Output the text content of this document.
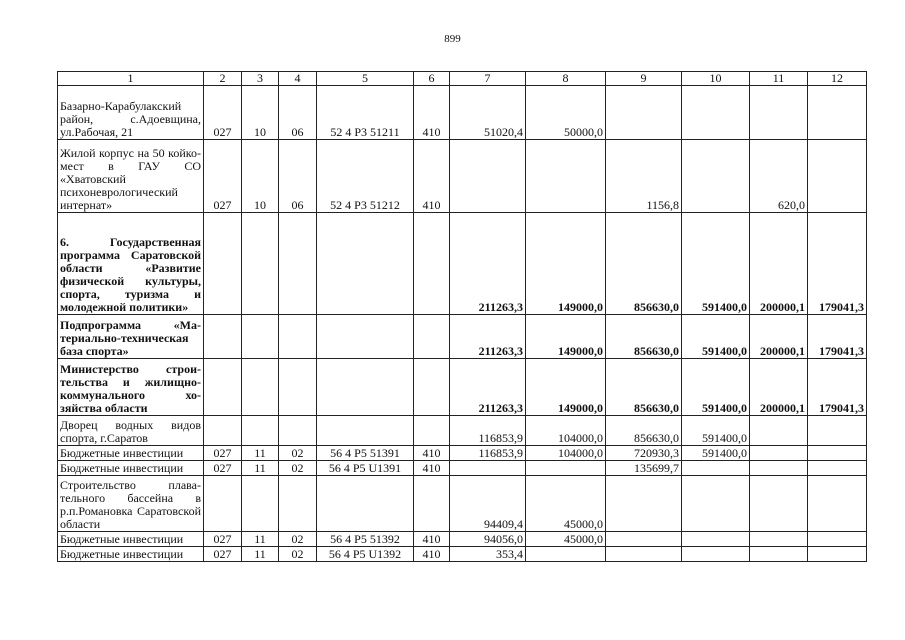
899
1	2	3	4	5	6	7	8	9	10	11	12
Базарно-Карабулакский район, с.Адоевщина, ул.Рабочая, 21	027	10	06	52 4 Р3 51211	410	51020,4	50000,0				
Жилой корпус на 50 койко-мест в ГАУ СО «Хватовский психоневрологический интернат»	027	10	06	52 4 Р3 51212	410			1156,8		620,0	
6. Государственная программа Саратовской области «Развитие физической культуры, спорта, туризма и молодежной политики»						211263,3	149000,0	856630,0	591400,0	200000,1	179041,3
Подпрограмма «Материально-техническая база спорта»						211263,3	149000,0	856630,0	591400,0	200000,1	179041,3
Министерство строительства и жилищно-коммунального хозяйства области						211263,3	149000,0	856630,0	591400,0	200000,1	179041,3
Дворец водных видов спорта, г.Саратов						116853,9	104000,0	856630,0	591400,0		
Бюджетные инвестиции	027	11	02	56 4 Р5 51391	410	116853,9	104000,0	720930,3	591400,0		
Бюджетные инвестиции	027	11	02	56 4 Р5 U1391	410			135699,7			
Строительство плавательного бассейна в р.п.Романовка Саратовской области						94409,4	45000,0				
Бюджетные инвестиции	027	11	02	56 4 Р5 51392	410	94056,0	45000,0				
Бюджетные инвестиции	027	11	02	56 4 Р5 U1392	410	353,4					
